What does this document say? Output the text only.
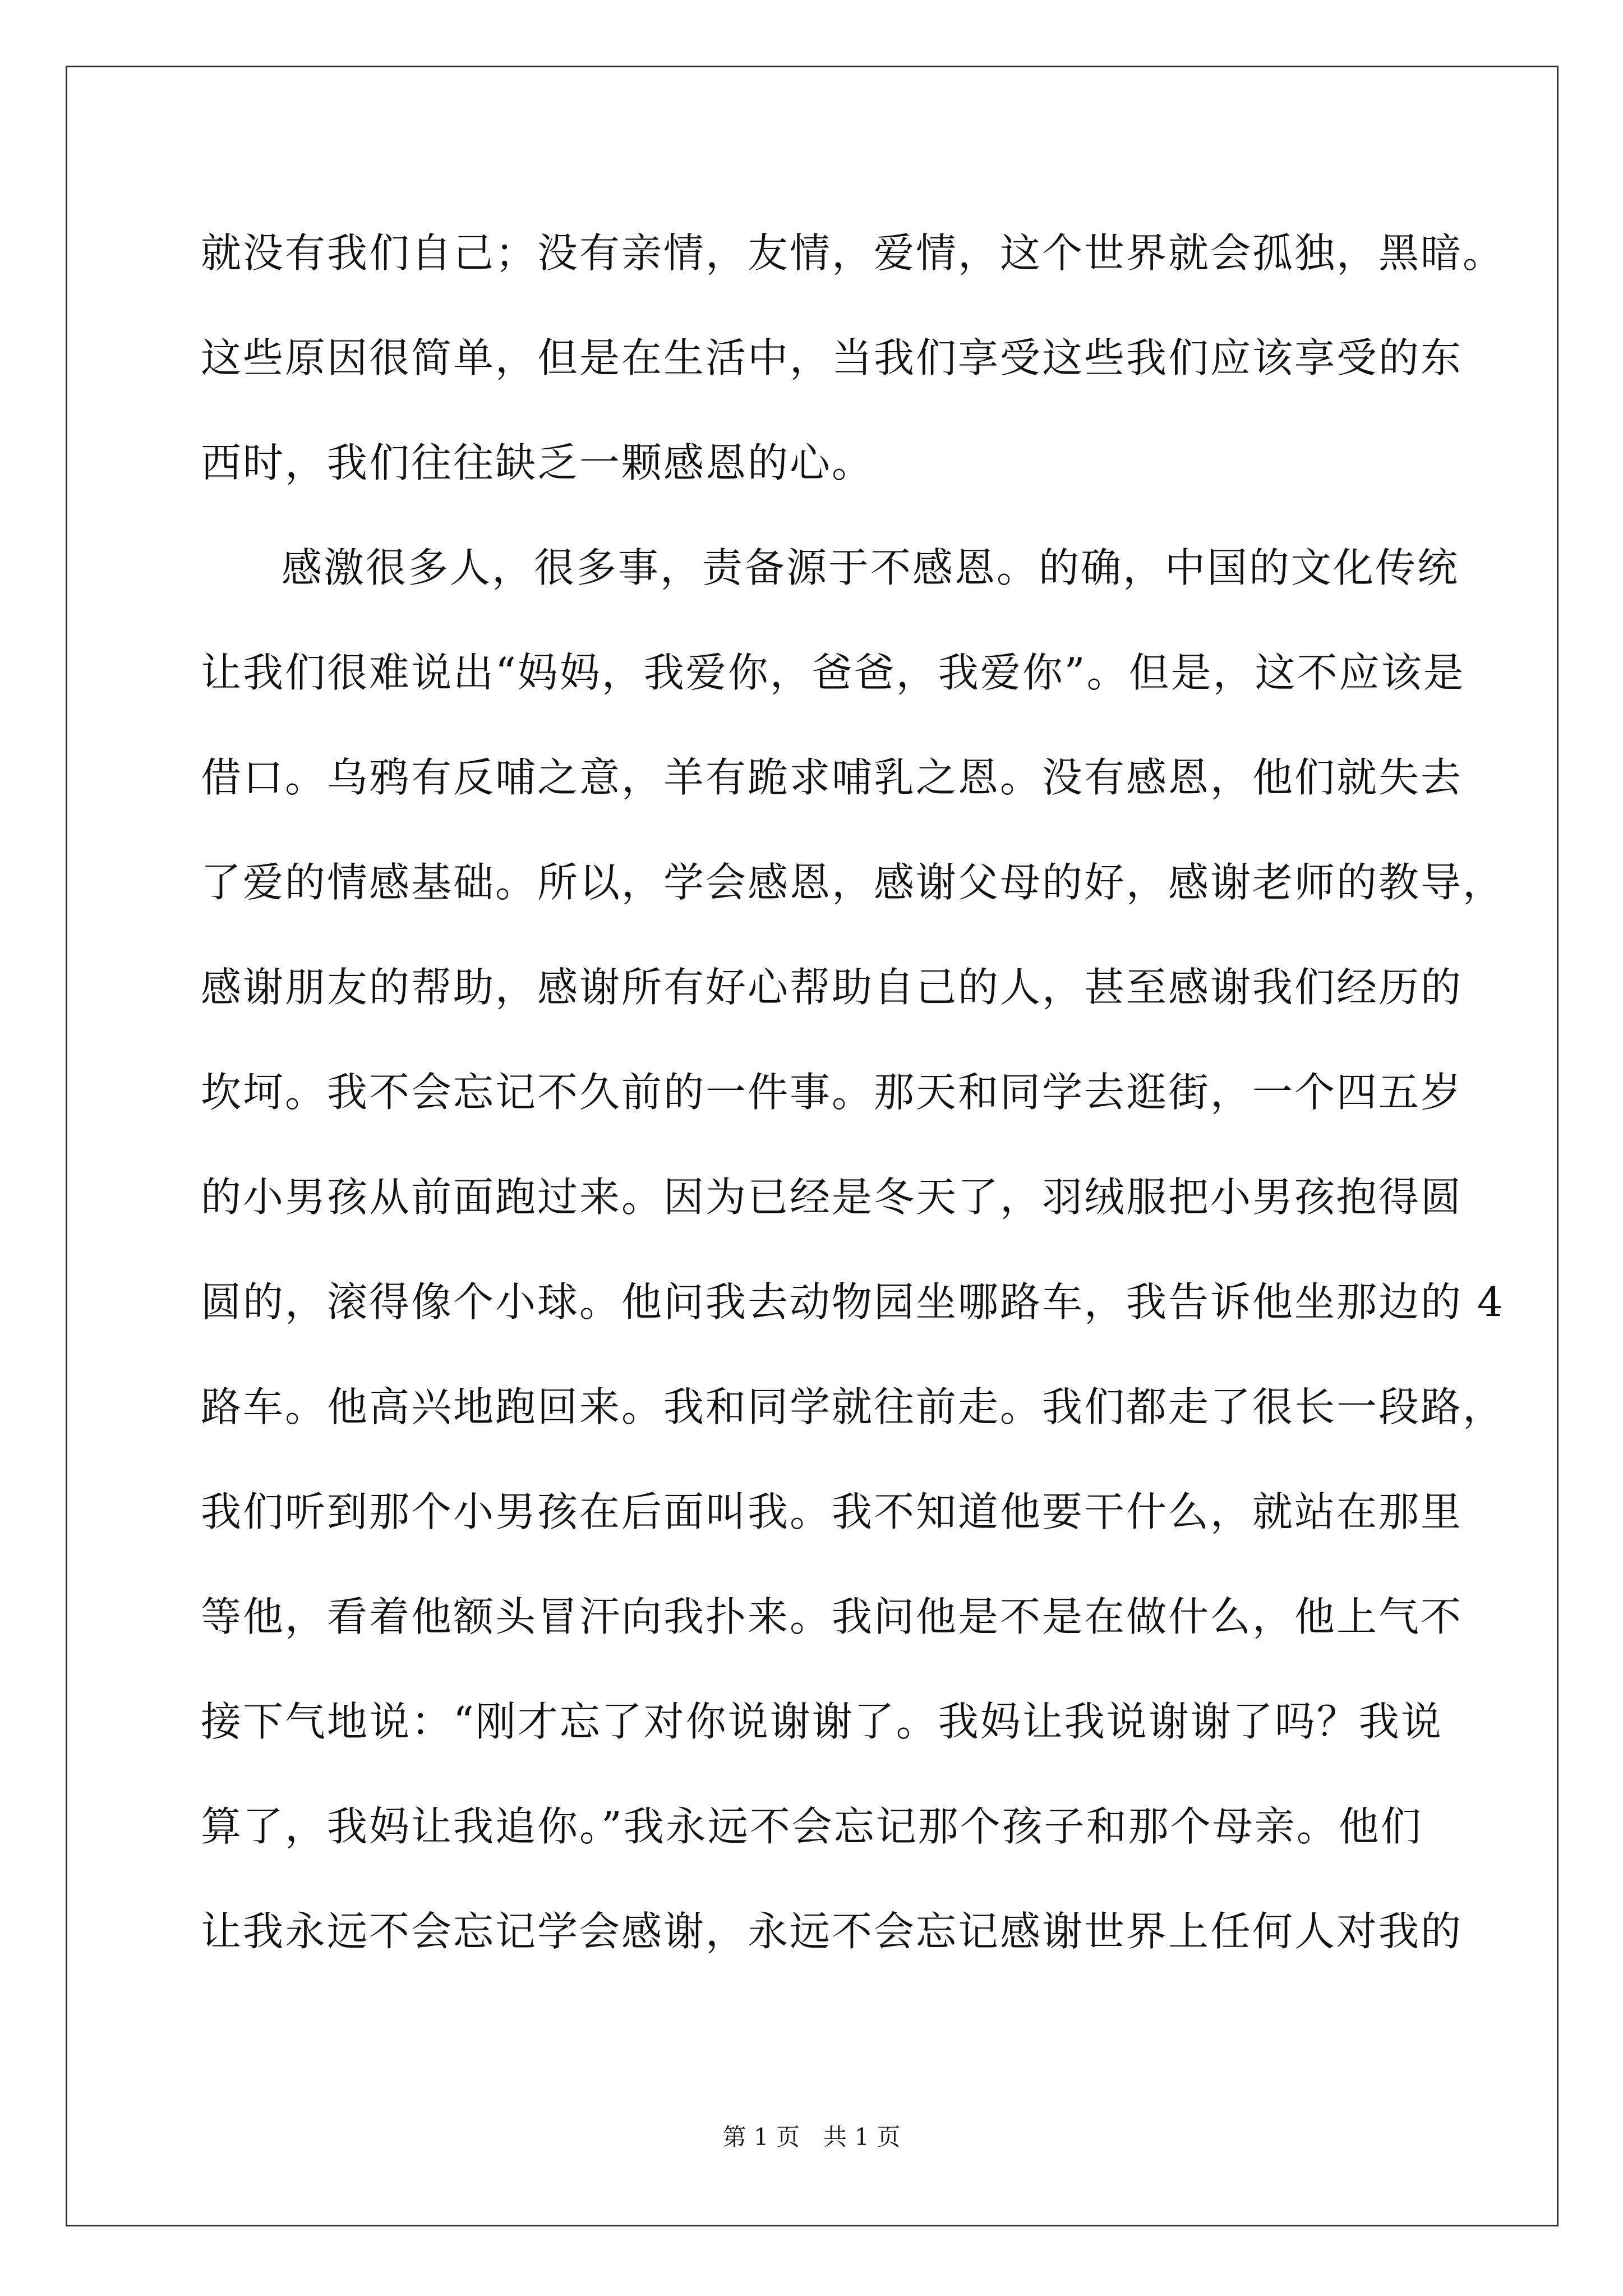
就没有我们自己；没有亲情，友情，爱情，这个世界就会孤独，黑暗。
这些原因很简单，但是在生活中，当我们享受这些我们应该享受的东
西时，我们往往缺乏一颗感恩的心。
感激很多人，很多事，责备源于不感恩。的确，中国的文化传统
让我们很难说出“妈妈，我爱你，爸爸，我爱你”。但是，这不应该是
借口。乌鸦有反哺之意，羊有跪求哺乳之恩。没有感恩，他们就失去
了爱的情感基础。所以，学会感恩，感谢父母的好，感谢老师的教导，
感谢朋友的帮助，感谢所有好心帮助自己的人，甚至感谢我们经历的
坎坷。我不会忘记不久前的一件事。那天和同学去逛街，一个四五岁
的小男孩从前面跑过来。因为已经是冬天了，羽绒服把小男孩抱得圆
圆的，滚得像个小球。他问我去动物园坐哪路车，我告诉他坐那边的 4
路车。他高兴地跑回来。我和同学就往前走。我们都走了很长一段路，
我们听到那个小男孩在后面叫我。我不知道他要干什么，就站在那里
等他，看着他额头冒汗向我扑来。我问他是不是在做什么，他上气不
接下气地说：“刚才忘了对你说谢谢了。我妈让我说谢谢了吗？我说
算了，我妈让我追你。”我永远不会忘记那个孩子和那个母亲。他们
让我永远不会忘记学会感谢，永远不会忘记感谢世界上任何人对我的
第 1 页 共 1 页
